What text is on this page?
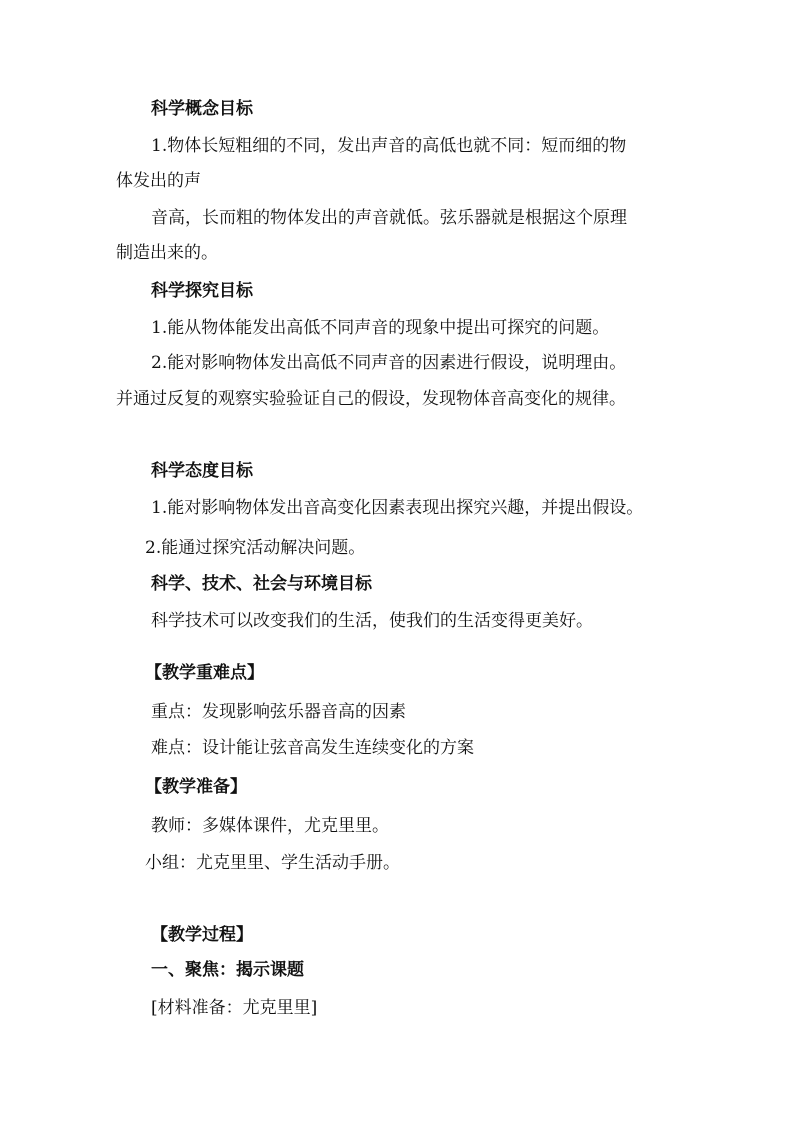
科学概念目标
1.物体长短粗细的不同，发出声音的高低也就不同：短而细的物
体发出的声
音高，长而粗的物体发出的声音就低。弦乐器就是根据这个原理
制造出来的。
科学探究目标
1.能从物体能发出高低不同声音的现象中提出可探究的问题。
2.能对影响物体发出高低不同声音的因素进行假设，说明理由。
并通过反复的观察实验验证自己的假设，发现物体音高变化的规律。
科学态度目标
1.能对影响物体发出音高变化因素表现出探究兴趣，并提出假设。
2.能通过探究活动解决问题。
科学、技术、社会与环境目标
科学技术可以改变我们的生活，使我们的生活变得更美好。
【教学重难点】
重点：发现影响弦乐器音高的因素
难点：设计能让弦音高发生连续变化的方案
【教学准备】
教师：多媒体课件，尤克里里。
小组：尤克里里、学生活动手册。
【教学过程】
一、聚焦：揭示课题
[材料准备：尤克里里]
